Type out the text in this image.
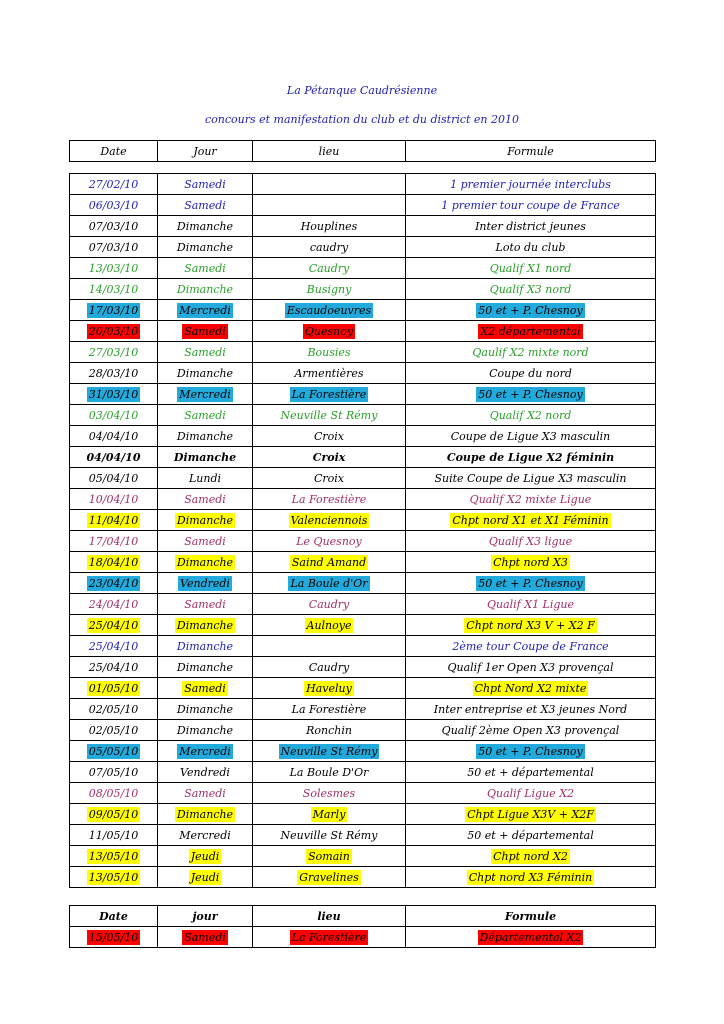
La Pétanque Caudrésienne
concours et manifestation du club et du district en 2010
Date	Jour	lieu	Formule
27/02/10	Samedi		1 premier journée interclubs
06/03/10	Samedi		1 premier tour coupe de France
07/03/10	Dimanche	Houplines	Inter district jeunes
07/03/10	Dimanche	caudry	Loto du club
13/03/10	Samedi	Caudry	Qualif X1 nord
14/03/10	Dimanche	Busigny	Qualif X3 nord
17/03/10	Mercredi	Escaudoeuvres	50 et + P. Chesnoy
20/03/10	Samedi	Quesnoy	X2 départemental
27/03/10	Samedi	Bousies	Qaulif X2 mixte nord
28/03/10	Dimanche	Armentières	Coupe du nord
31/03/10	Mercredi	La Forestière	50 et + P. Chesnoy
03/04/10	Samedi	Neuville St Rémy	Qualif X2 nord
04/04/10	Dimanche	Croix	Coupe de Ligue X3 masculin
04/04/10	Dimanche	Croix	Coupe de Ligue X2 féminin
05/04/10	Lundi	Croix	Suite Coupe de Ligue X3 masculin
10/04/10	Samedi	La Forestière	Qualif X2 mixte Ligue
11/04/10	Dimanche	Valenciennois	Chpt nord X1 et X1 Féminin
17/04/10	Samedi	Le Quesnoy	Qualif X3 ligue
18/04/10	Dimanche	Saind Amand	Chpt nord X3
23/04/10	Vendredi	La Boule d'Or	50 et + P. Chesnoy
24/04/10	Samedi	Caudry	Qualif X1 Ligue
25/04/10	Dimanche	Aulnoye	Chpt nord X3 V + X2 F
25/04/10	Dimanche		2ème tour Coupe de France
25/04/10	Dimanche	Caudry	Qualif 1er Open X3 provençal
01/05/10	Samedi	Haveluy	Chpt Nord X2 mixte
02/05/10	Dimanche	La Forestière	Inter entreprise et X3 jeunes Nord
02/05/10	Dimanche	Ronchin	Qualif 2ème Open X3 provençal
05/05/10	Mercredi	Neuville St Rémy	50 et + P. Chesnoy
07/05/10	Vendredi	La Boule D'Or	50 et + départemental
08/05/10	Samedi	Solesmes	Qualif Ligue X2
09/05/10	Dimanche	Marly	Chpt Ligue X3V + X2F
11/05/10	Mercredi	Neuville St Rémy	50 et + départemental
13/05/10	Jeudi	Somain	Chpt nord X2
13/05/10	Jeudi	Gravelines	Chpt nord X3 Féminin
Date	jour	lieu	Formule
15/05/10	Samedi	La Forestière	Départemental X2
